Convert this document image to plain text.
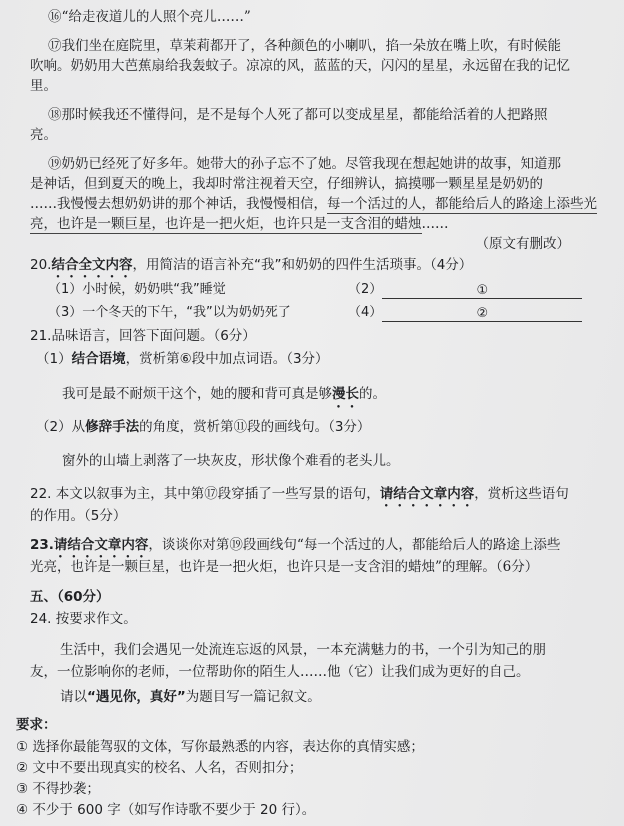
⑯“给走夜道儿的人照个亮儿……”
⑰我们坐在庭院里，草茉莉都开了，各种颜色的小喇叭，掐一朵放在嘴上吹，有时候能
吹响。奶奶用大芭蕉扇给我轰蚊子。凉凉的风，蓝蓝的天，闪闪的星星，永远留在我的记忆
里。
⑱那时候我还不懂得问，是不是每个人死了都可以变成星星，都能给活着的人把路照
亮。
⑲奶奶已经死了好多年。她带大的孙子忘不了她。尽管我现在想起她讲的故事，知道那
是神话，但到夏天的晚上，我却时常注视着天空，仔细辨认，搞摸哪一颗星星是奶奶的
……我慢慢去想奶奶讲的那个神话，我慢慢相信，每一个活过的人，都能给后人的路途上添些光
亮，也许是一颗巨星，也许是一把火炬，也许只是一支含泪的蜡烛……
（原文有删改）
20.结合全文内容，用简洁的语言补充“我”和奶奶的四件生活琐事。（4分）
（1）小时候，奶奶哄“我”睡觉	（2）	①
（3）一个冬天的下午，“我”以为奶奶死了	（4）	②
21.品味语言，回答下面问题。（6分）
（1）结合语境，赏析第⑥段中加点词语。（3分）
我可是最不耐烦干这个，她的腰和背可真是够漫长的。
（2）从修辞手法的角度，赏析第⑪段的画线句。（3分）
窗外的山墙上剥落了一块灰皮，形状像个难看的老头儿。
22. 本文以叙事为主，其中第⑰段穿插了一些写景的语句，请结合文章内容，赏析这些语句
的作用。（5分）
23.请结合文章内容，谈谈你对第⑲段画线句“每一个活过的人，都能给后人的路途上添些
光亮，也许是一颗巨星，也许是一把火炬，也许只是一支含泪的蜡烛”的理解。（6分）
五、（60分）
24. 按要求作文。
生活中，我们会遇见一处流连忘返的风景，一本充满魅力的书，一个引为知己的朋
友，一位影响你的老师，一位帮助你的陌生人……他（它）让我们成为更好的自己。
请以“遇见你，真好”为题目写一篇记叙文。
要求：
① 选择你最能驾驭的文体，写你最熟悉的内容，表达你的真情实感；
② 文中不要出现真实的校名、人名，否则扣分；
③ 不得抄袭；
④ 不少于 600 字（如写作诗歌不要少于 20 行）。
